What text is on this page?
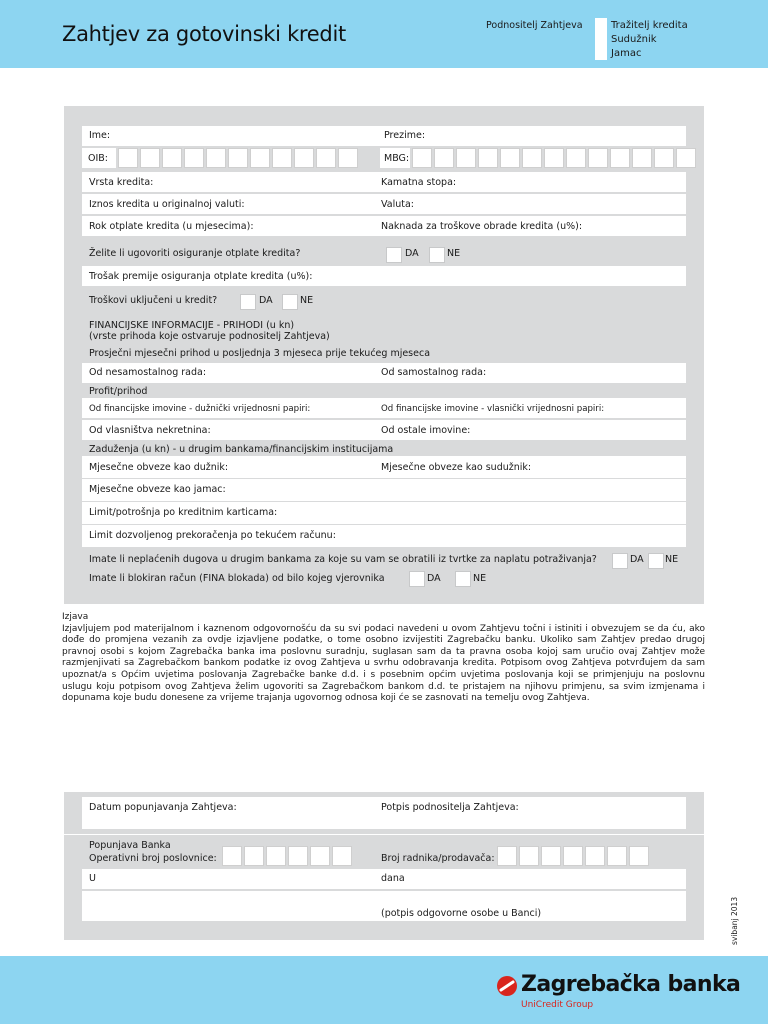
Zahtjev za gotovinski kredit	Podnositelj Zahtjeva	Tražitelj kredita
Sudužnik
Jamac
Ime:	Prezime:
OIB:	MBG:
Vrsta kredita:	Kamatna stopa:
Iznos kredita u originalnoj valuti:	Valuta:
Rok otplate kredita (u mjesecima):	Naknada za troškove obrade kredita (u%):
Želite li ugovoriti osiguranje otplate kredita?	DA	NE
Trošak premije osiguranja otplate kredita (u%):
Troškovi uključeni u kredit?	DA	NE
FINANCIJSKE INFORMACIJE - PRIHODI (u kn)
(vrste prihoda koje ostvaruje podnositelj Zahtjeva)
Prosječni mjesečni prihod u posljednja 3 mjeseca prije tekućeg mjeseca
Od nesamostalnog rada:	Od samostalnog rada:
Profit/prihod
Od financijske imovine - dužnički vrijednosni papiri:	Od financijske imovine - vlasnički vrijednosni papiri:
Od vlasništva nekretnina:	Od ostale imovine:
Zaduženja (u kn) - u drugim bankama/financijskim institucijama
Mjesečne obveze kao dužnik:	Mjesečne obveze kao sudužnik:
Mjesečne obveze kao jamac:
Limit/potrošnja po kreditnim karticama:
Limit dozvoljenog prekoračenja po tekućem računu:
Imate li neplaćenih dugova u drugim bankama za koje su vam se obratili iz tvrtke za naplatu potraživanja?	DA NE
Imate li blokiran račun (FINA blokada) od bilo kojeg vjerovnika	DA	NE
Izjava
Izjavljujem pod materijalnom i kaznenom odgovornošću da su svi podaci navedeni u ovom Zahtjevu točni i istiniti i obvezujem se da ću, ako dođe do promjena vezanih za ovdje izjavljene podatke, o tome osobno izvijestiti Zagrebačku banku. Ukoliko sam Zahtjev predao drugoj pravnoj osobi s kojom Zagrebačka banka ima poslovnu suradnju, suglasan sam da ta pravna osoba kojoj sam uručio ovaj Zahtjev može razmjenjivati sa Zagrebačkom bankom podatke iz ovog Zahtjeva u svrhu odobravanja kredita. Potpisom ovog Zahtjeva potvrđujem da sam upoznat/a s Općim uvjetima poslovanja Zagrebačke banke d.d. i s posebnim općim uvjetima poslovanja koji se primjenjuju na poslovnu uslugu koju potpisom ovog Zahtjeva želim ugovoriti sa Zagrebačkom bankom d.d. te pristajem na njihovu primjenu, sa svim izmjenama i dopunama koje budu donesene za vrijeme trajanja ugovornog odnosa koji će se zasnovati na temelju ovog Zahtjeva.
Datum popunjavanja Zahtjeva:	Potpis podnositelja Zahtjeva:
Popunjava Banka
Operativni broj poslovnice:	Broj radnika/prodavača:
U	dana
(potpis odgovorne osobe u Banci)	svibanj 2013
Zagrebačka banka
UniCredit Group
